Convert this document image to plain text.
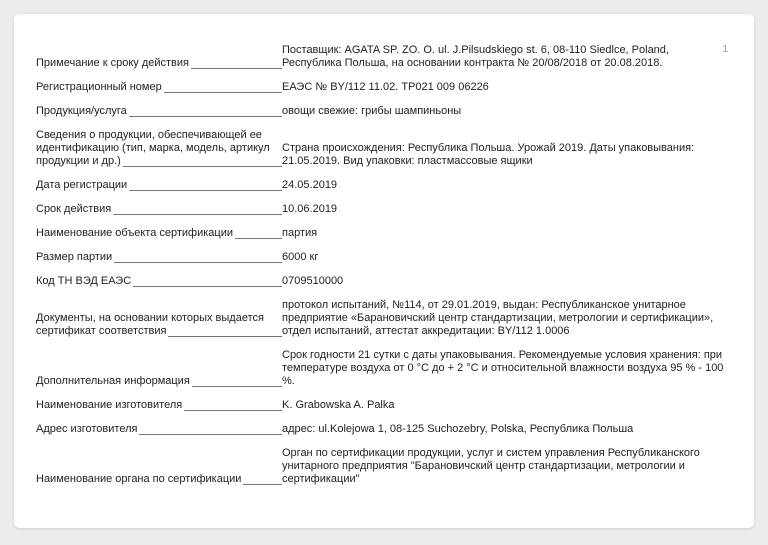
1
Примечание к сроку действия	Поставщик: AGATA SP. ZO. O. ul. J.Pilsudskiego st. 6, 08-110 Siedlce, Poland, Республика Польша, на основании контракта № 20/08/2018 от 20.08.2018.

Регистрационный номер	ЕАЭС № BY/112 11.02. ТР021 009 06226

Продукция/услуга	овощи свежие: грибы шампиньоны

Сведения о продукции, обеспечивающей ее идентификацию (тип, марка, модель, артикул продукции и др.)	Страна происхождения: Республика Польша. Урожай 2019. Даты упаковывания: 21.05.2019. Вид упаковки: пластмассовые ящики

Дата регистрации	24.05.2019

Срок действия	10.06.2019

Наименование объекта сертификации	партия

Размер партии	6000 кг

Код ТН ВЭД ЕАЭС	0709510000

Документы, на основании которых выдается сертификат соответствия	протокол испытаний, №114, от 29.01.2019, выдан: Республиканское унитарное предприятие «Барановичский центр стандартизации, метрологии и сертификации», отдел испытаний, аттестат аккредитации: BY/112 1.0006

Дополнительная информация	Срок годности 21 сутки с даты упаковывания. Рекомендуемые условия хранения: при температуре воздуха от 0 °С до + 2 °С и относительной влажности воздуха 95 % - 100 %.

Наименование изготовителя	K. Grabowska A. Palka

Адрес изготовителя	адрес: ul.Kolejowa 1, 08-125 Suchozebry, Polska, Республика Польша

Наименование органа по сертификации	Орган по сертификации продукции, услуг и систем управления Республиканского унитарного предприятия "Барановичский центр стандартизации, метрологии и сертификации"
